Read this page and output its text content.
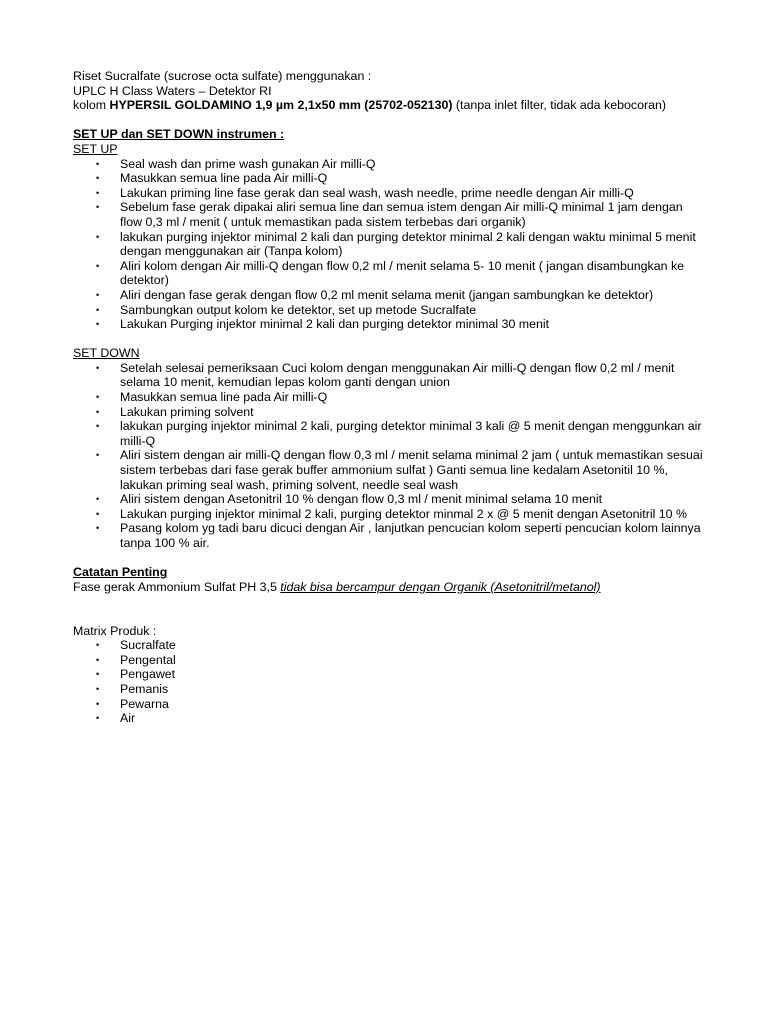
Riset Sucralfate (sucrose octa sulfate) menggunakan :

UPLC H Class Waters – Detektor RI

kolom HYPERSIL GOLDAMINO 1,9 µm 2,1x50 mm (25702-052130) (tanpa inlet filter, tidak ada kebocoran)

SET UP dan SET DOWN instrumen :

SET UP

• Seal wash dan prime wash gunakan Air milli-Q
• Masukkan semua line pada Air milli-Q
• Lakukan priming line fase gerak dan seal wash, wash needle, prime needle dengan Air milli-Q
• Sebelum fase gerak dipakai aliri semua line dan semua istem dengan Air milli-Q minimal 1 jam dengan flow 0,3 ml / menit ( untuk memastikan pada sistem terbebas dari organik)
• lakukan purging injektor minimal 2 kali dan purging detektor minimal 2 kali dengan waktu minimal 5 menit dengan menggunakan air (Tanpa kolom)
• Aliri kolom dengan Air milli-Q dengan flow 0,2 ml / menit selama 5- 10 menit ( jangan disambungkan ke detektor)
• Aliri dengan fase gerak dengan flow 0,2 ml menit selama menit (jangan sambungkan ke detektor)
• Sambungkan output kolom ke detektor, set up metode Sucralfate
• Lakukan Purging injektor minimal 2 kali dan purging detektor minimal 30 menit

SET DOWN

• Setelah selesai pemeriksaan Cuci kolom dengan menggunakan Air milli-Q dengan flow 0,2 ml / menit selama 10 menit, kemudian lepas kolom ganti dengan union
• Masukkan semua line pada Air milli-Q
• Lakukan priming solvent
• lakukan purging injektor minimal 2 kali, purging detektor minimal 3 kali @ 5 menit dengan menggunkan air milli-Q
• Aliri sistem dengan air milli-Q dengan flow 0,3 ml / menit selama minimal 2 jam ( untuk memastikan sesuai sistem terbebas dari fase gerak buffer ammonium sulfat ) Ganti semua line kedalam Asetonitil 10 %, lakukan priming seal wash, priming solvent, needle seal wash
• Aliri sistem dengan Asetonitril 10 % dengan flow 0,3 ml / menit minimal selama 10 menit
• Lakukan purging injektor minimal 2 kali, purging detektor minmal 2 x @ 5 menit dengan Asetonitril 10 %
• Pasang kolom yg tadi baru dicuci dengan Air , lanjutkan pencucian kolom seperti pencucian kolom lainnya tanpa 100 % air.

Catatan Penting

Fase gerak Ammonium Sulfat PH 3,5 tidak bisa bercampur dengan Organik (Asetonitril/metanol)

Matrix Produk :

• Sucralfate
• Pengental
• Pengawet
• Pemanis
• Pewarna
• Air
